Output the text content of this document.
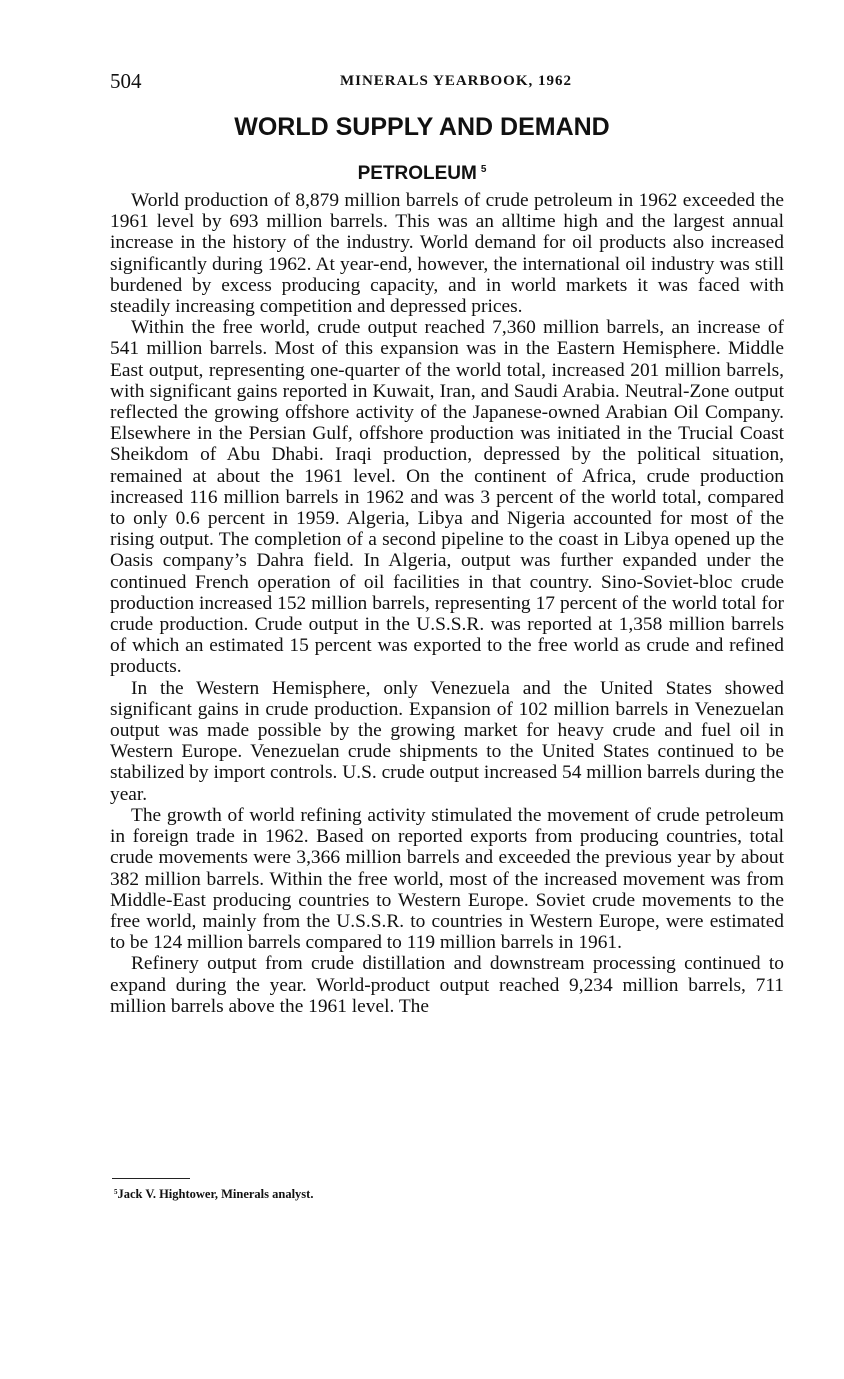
504	MINERALS YEARBOOK, 1962
WORLD SUPPLY AND DEMAND
PETROLEUM $^5$

World production of 8,879 million barrels of crude petroleum in 1962 exceeded the 1961 level by 693 million barrels. This was an alltime high and the largest annual increase in the history of the industry. World demand for oil products also increased significantly during 1962. At year-end, however, the international oil industry was still burdened by excess producing capacity, and in world markets it was faced with steadily increasing competition and depressed prices.

Within the free world, crude output reached 7,360 million barrels, an increase of 541 million barrels. Most of this expansion was in the Eastern Hemisphere. Middle East output, representing one-quarter of the world total, increased 201 million barrels, with significant gains reported in Kuwait, Iran, and Saudi Arabia. Neutral-Zone output reflected the growing offshore activity of the Japanese-owned Arabian Oil Company. Elsewhere in the Persian Gulf, offshore production was initiated in the Trucial Coast Sheikdom of Abu Dhabi. Iraqi production, depressed by the political situation, remained at about the 1961 level. On the continent of Africa, crude production increased 116 million barrels in 1962 and was 3 percent of the world total, compared to only 0.6 percent in 1959. Algeria, Libya and Nigeria accounted for most of the rising output. The completion of a second pipeline to the coast in Libya opened up the Oasis company’s Dahra field. In Algeria, output was further expanded under the continued French operation of oil facilities in that country. Sino-Soviet-bloc crude production increased 152 million barrels, representing 17 percent of the world total for crude production. Crude output in the U.S.S.R. was reported at 1,358 million barrels of which an estimated 15 percent was exported to the free world as crude and refined products.

In the Western Hemisphere, only Venezuela and the United States showed significant gains in crude production. Expansion of 102 million barrels in Venezuelan output was made possible by the growing market for heavy crude and fuel oil in Western Europe. Venezuelan crude shipments to the United States continued to be stabilized by import controls. U.S. crude output increased 54 million barrels during the year.

The growth of world refining activity stimulated the movement of crude petroleum in foreign trade in 1962. Based on reported exports from producing countries, total crude movements were 3,366 million barrels and exceeded the previous year by about 382 million barrels. Within the free world, most of the increased movement was from Middle-East producing countries to Western Europe. Soviet crude movements to the free world, mainly from the U.S.S.R. to countries in Western Europe, were estimated to be 124 million barrels compared to 119 million barrels in 1961.

Refinery output from crude distillation and downstream processing continued to expand during the year. World-product output reached 9,234 million barrels, 711 million barrels above the 1961 level. The

$^5$Jack V. Hightower, Minerals analyst.
